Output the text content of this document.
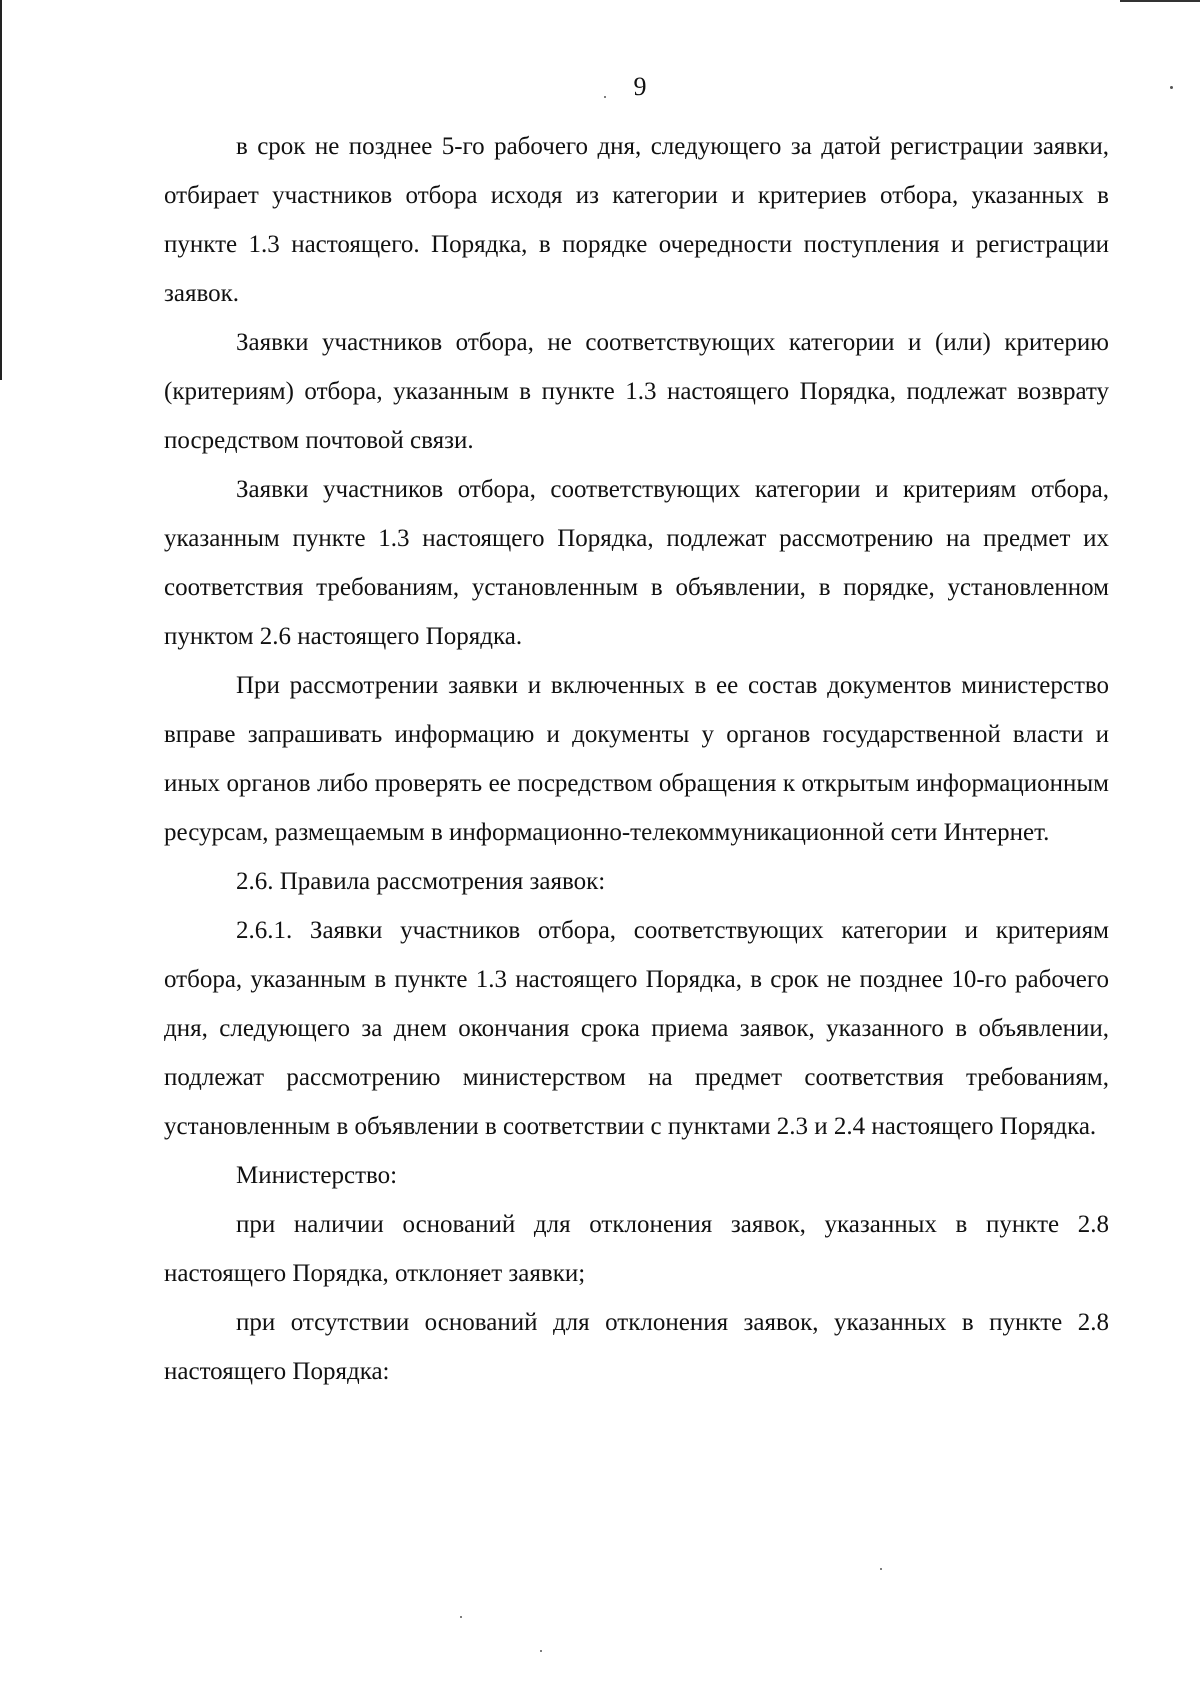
9

в срок не позднее 5-го рабочего дня, следующего за датой регистрации заявки, отбирает участников отбора исходя из категории и критериев отбора, указанных в пункте 1.3 настоящего. Порядка, в порядке очередности поступления и регистрации заявок.

Заявки участников отбора, не соответствующих категории и (или) критерию (критериям) отбора, указанным в пункте 1.3 настоящего Порядка, подлежат возврату посредством почтовой связи.

Заявки участников отбора, соответствующих категории и критериям отбора, указанным пункте 1.3 настоящего Порядка, подлежат рассмотрению на предмет их соответствия требованиям, установленным в объявлении, в порядке, установленном пунктом 2.6 настоящего Порядка.

При рассмотрении заявки и включенных в ее состав документов министерство вправе запрашивать информацию и документы у органов государственной власти и иных органов либо проверять ее посредством обращения к открытым информационным ресурсам, размещаемым в информационно-телекоммуникационной сети Интернет.

2.6. Правила рассмотрения заявок:

2.6.1. Заявки участников отбора, соответствующих категории и критериям отбора, указанным в пункте 1.3 настоящего Порядка, в срок не позднее 10-го рабочего дня, следующего за днем окончания срока приема заявок, указанного в объявлении, подлежат рассмотрению министерством на предмет соответствия требованиям, установленным в объявлении в соответствии с пунктами 2.3 и 2.4 настоящего Порядка.

Министерство:

при наличии оснований для отклонения заявок, указанных в пункте 2.8 настоящего Порядка, отклоняет заявки;

при отсутствии оснований для отклонения заявок, указанных в пункте 2.8 настоящего Порядка:
